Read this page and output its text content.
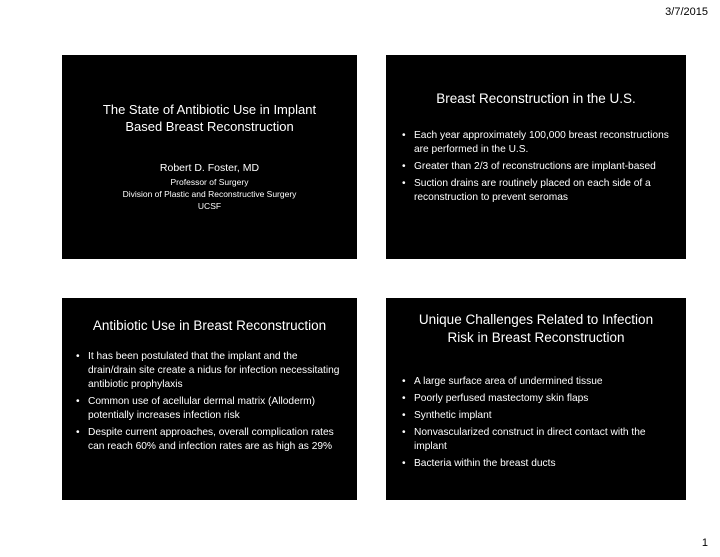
3/7/2015
The State of Antibiotic Use in Implant
Based Breast Reconstruction
Robert D. Foster, MD
Professor of Surgery
Division of Plastic and Reconstructive Surgery
UCSF
Breast Reconstruction in the U.S.
• Each year approximately 100,000 breast reconstructions are performed in the U.S.
• Greater than 2/3 of reconstructions are implant-based
• Suction drains are routinely placed on each side of a reconstruction to prevent seromas
Antibiotic Use in Breast Reconstruction
• It has been postulated that the implant and the drain/drain site create a nidus for infection necessitating antibiotic prophylaxis
• Common use of acellular dermal matrix (Alloderm) potentially increases infection risk
• Despite current approaches, overall complication rates can reach 60% and infection rates are as high as 29%
Unique Challenges Related to Infection
Risk in Breast Reconstruction
• A large surface area of undermined tissue
• Poorly perfused mastectomy skin flaps
• Synthetic implant
• Nonvascularized construct in direct contact with the implant
• Bacteria within the breast ducts
1
